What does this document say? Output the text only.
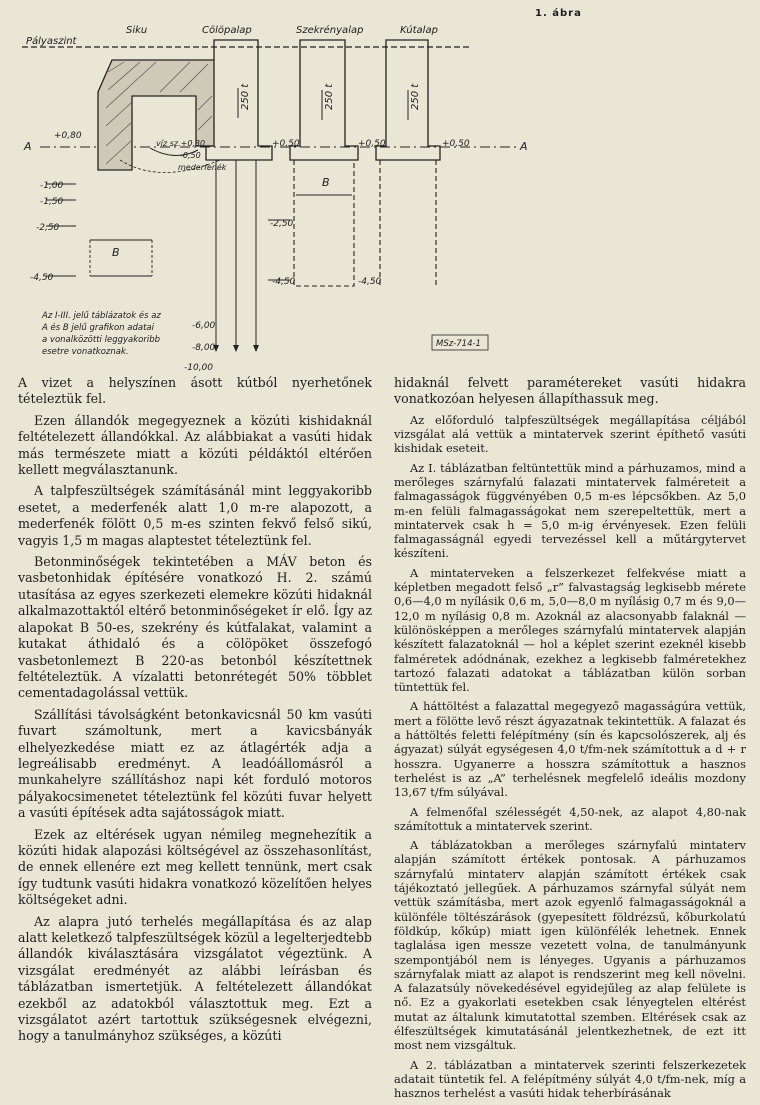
Siku	Cölöpalap	Szekrényalap	Kútalap
Pályaszint
+0,80
-1,00
-1,50
-2,50
-4,50
-6,00
-8,00
-10,00
+0,50	+0,50	+0,50
-2,50
-4,50	-4,50
víz sz.+0,30
-0,50
mederfenék
250 t	250 t	250 t
A	A
B
B
Az I-III. jelű táblázatok és az
A és B jelű grafikon adatai
a vonalközötti leggyakoribb
esetre vonatkoznak.
MSz-714-1
1. ábra

A vizet a helyszínen ásott kútból nyerhetőnek tételeztük fel.

Ezen állandók megegyeznek a közúti kishidaknál feltételezett állandókkal. Az alábbiakat a vasúti hidak más természete miatt a közúti példáktól eltérően kellett megválasztanunk.

A talpfeszültségek számításánál mint leggyakoribb esetet, a mederfenék alatt 1,0 m-re alapozott, a mederfenék fölött 0,5 m-es szinten fekvő felső sikú, vagyis 1,5 m magas alaptestet tételeztünk fel.

Betonminőségek tekintetében a MÁV beton és vasbetonhidak építésére vonatkozó H. 2. számú utasítása az egyes szerkezeti elemekre közúti hidaknál alkalmazottaktól eltérő betonminőségeket ír elő. Így az alapokat B 50-es, szekrény és kútfalakat, valamint a kutakat áthidaló és a cölöpöket összefogó vasbetonlemezt B 220-as betonból készítettnek feltételeztük. A vízalatti betonrétegét 50% többlet cementadagolással vettük.

Szállítási távolságként betonkavicsnál 50 km vasúti fuvart számoltunk, mert a kavicsbányák elhelyezkedése miatt ez az átlagérték adja a legreálisabb eredményt. A leadóállomásról a munkahelyre szállításhoz napi két forduló motoros pályakocsimenetet tételeztünk fel közúti fuvar helyett a vasúti építések adta sajátosságok miatt.

Ezek az eltérések ugyan némileg megnehezítik a közúti hidak alapozási költségével az összehasonlítást, de ennek ellenére ezt meg kellett tennünk, mert csak így tudtunk vasúti hidakra vonatkozó közelítően helyes költségeket adni.

Az alapra jutó terhelés megállapítása és az alap alatt keletkező talpfeszültségek közül a legelterjedtebb állandók kiválasztására vizsgálatot végeztünk. A vizsgálat eredményét az alábbi leírásban és táblázatban ismertetjük. A feltételezett állandókat ezekből az adatokból választottuk meg. Ezt a vizsgálatot azért tartottuk szükségesnek elvégezni, hogy a tanulmányhoz szükséges, a közúti

hidaknál felvett paramétereket vasúti hidakra vonatkozóan helyesen állapíthassuk meg.

Az előforduló talpfeszültségek megállapítása céljából vizsgálat alá vettük a mintatervek szerint építhető vasúti kishidak eseteit.

Az I. táblázatban feltüntettük mind a párhuzamos, mind a merőleges szárnyfalú falazati mintatervek falméreteit a falmagasságok függvényében 0,5 m-es lépcsőkben. Az 5,0 m-en felüli falmagasságokat nem szerepeltettük, mert a mintatervek csak h = 5,0 m-ig érvényesek. Ezen felüli falmagasságnál egyedi tervezéssel kell a műtárgytervet készíteni.

A mintaterveken a felszerkezet felfekvése miatt a képletben megadott felső „r” falvastagság legkisebb mérete 0,6—4,0 m nyílásik 0,6 m, 5,0—8,0 m nyílásig 0,7 m és 9,0—12,0 m nyílásig 0,8 m. Azoknál az alacsonyabb falaknál — különösképpen a merőleges szárnyfalú mintatervek alapján készített falazatoknál — hol a képlet szerint ezeknél kisebb falméretek adódnának, ezekhez a legkisebb falméretekhez tartozó falazati adatokat a táblázatban külön sorban tüntettük fel.

A háttöltést a falazattal megegyező magasságúra vettük, mert a fölötte levő részt ágyazatnak tekintettük. A falazat és a háttöltés feletti felépítmény (sín és kapcsolószerek, alj és ágyazat) súlyát egységesen 4,0 t/fm-nek számítottuk a d + r hosszra. Ugyanerre a hosszra számítottuk a hasznos terhelést is az „A” terhelésnek megfelelő ideális mozdony 13,67 t/fm súlyával.

A felmenőfal szélességét 4,50-nek, az alapot 4,80-nak számítottuk a mintatervek szerint.

A táblázatokban a merőleges szárnyfalú mintaterv alapján számított értékek pontosak. A párhuzamos szárnyfalú mintaterv alapján számított értékek csak tájékoztató jellegűek. A párhuzamos szárnyfal súlyát nem vettük számításba, mert azok egyenlő falmagasságoknál a különféle töltészárások (gyepesített földrézsű, kőburkolatú földkúp, kőkúp) miatt igen különfélék lehetnek. Ennek taglalása igen messze vezetett volna, de tanulmányunk szempontjából nem is lényeges. Ugyanis a párhuzamos szárnyfalak miatt az alapot is rendszerint meg kell növelni. A falazatsúly növekedésével egyidejűleg az alap felülete is nő. Ez a gyakorlati esetekben csak lényegtelen eltérést mutat az általunk kimutatottal szemben. Eltérések csak az élfeszültségek kimutatásánál jelentkezhetnek, de ezt itt most nem vizsgáltuk.

A 2. táblázatban a mintatervek szerinti felszerkezetek adatait tüntetik fel. A felépítmény súlyát 4,0 t/fm-nek, míg a hasznos terhelést a vasúti hidak teherbírásának
